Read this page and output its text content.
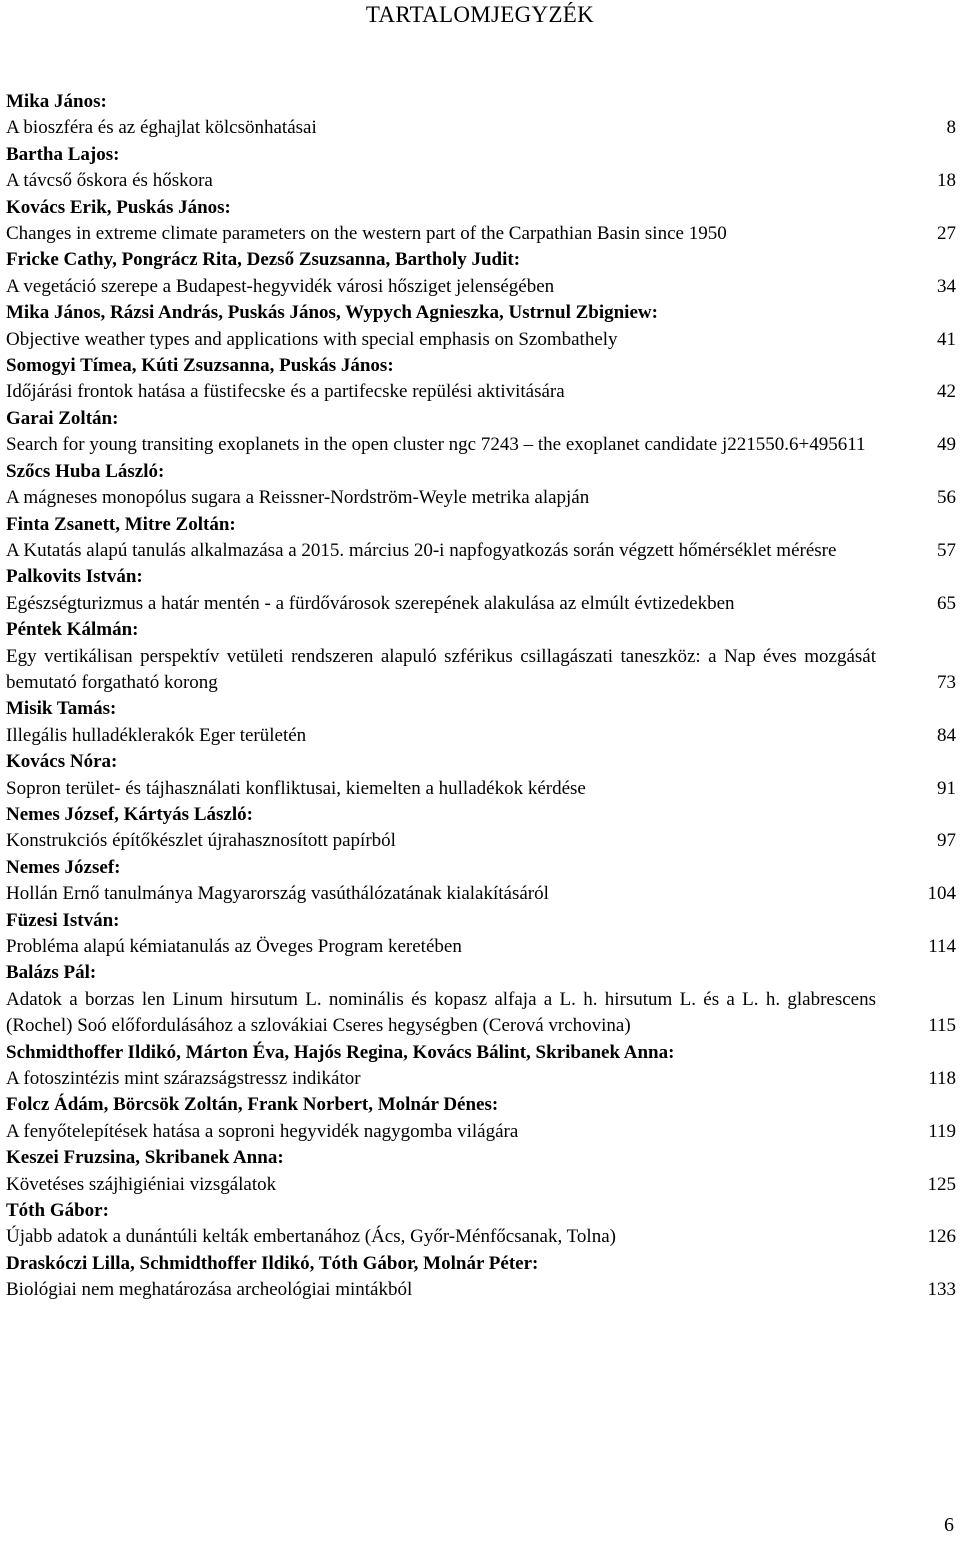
TARTALOMJEGYZÉK
Mika János:
A bioszféra és az éghajlat kölcsönhatásai	8
Bartha Lajos:
A távcső őskora és hőskora	18
Kovács Erik, Puskás János:
Changes in extreme climate parameters on the western part of the Carpathian Basin since 1950	27
Fricke Cathy, Pongrácz Rita, Dezső Zsuzsanna, Bartholy Judit:
A vegetáció szerepe a Budapest-hegyvidék városi hősziget jelenségében	34
Mika János, Rázsi András, Puskás János, Wypych Agnieszka, Ustrnul Zbigniew:
Objective weather types and applications with special emphasis on Szombathely	41
Somogyi Tímea, Kúti Zsuzsanna, Puskás János:
Időjárási frontok hatása a füstifecske és a partifecske repülési aktivitására	42
Garai Zoltán:
Search for young transiting exoplanets in the open cluster ngc 7243 – the exoplanet candidate j221550.6+495611	49
Szőcs Huba László:
A mágneses monopólus sugara a Reissner-Nordström-Weyle metrika alapján	56
Finta Zsanett, Mitre Zoltán:
A Kutatás alapú tanulás alkalmazása a 2015. március 20-i napfogyatkozás során végzett hőmérséklet mérésre	57
Palkovits István:
Egészségturizmus a határ mentén - a fürdővárosok szerepének alakulása az elmúlt évtizedekben	65
Péntek Kálmán:
Egy vertikálisan perspektív vetületi rendszeren alapuló szférikus csillagászati taneszköz: a Nap éves mozgását bemutató forgatható korong	73
Misik Tamás:
Illegális hulladéklerakók Eger területén	84
Kovács Nóra:
Sopron terület- és tájhasználati konfliktusai, kiemelten a hulladékok kérdése	91
Nemes József, Kártyás László:
Konstrukciós építőkészlet újrahasznosított papírból	97
Nemes József:
Hollán Ernő tanulmánya Magyarország vasúthálózatának kialakításáról	104
Füzesi István:
Probléma alapú kémiatanulás az Öveges Program keretében	114
Balázs Pál:
Adatok a borzas len Linum hirsutum L. nominális és kopasz alfaja a L. h. hirsutum L. és a L. h. glabrescens (Rochel) Soó előfordulásához a szlovákiai Cseres hegységben (Cerová vrchovina)	115
Schmidthoffer Ildikó, Márton Éva, Hajós Regina, Kovács Bálint, Skribanek Anna:
A fotoszintézis mint szárazságstressz indikátor	118
Folcz Ádám, Börcsök Zoltán, Frank Norbert, Molnár Dénes:
A fenyőtelepítések hatása a soproni hegyvidék nagygomba világára	119
Keszei Fruzsina, Skribanek Anna:
Követéses szájhigiéniai vizsgálatok	125
Tóth Gábor:
Újabb adatok a dunántúli kelták embertanához (Ács, Győr-Ménfőcsanak, Tolna)	126
Draskóczi Lilla, Schmidthoffer Ildikó, Tóth Gábor, Molnár Péter:
Biológiai nem meghatározása archeológiai mintákból	133
6
